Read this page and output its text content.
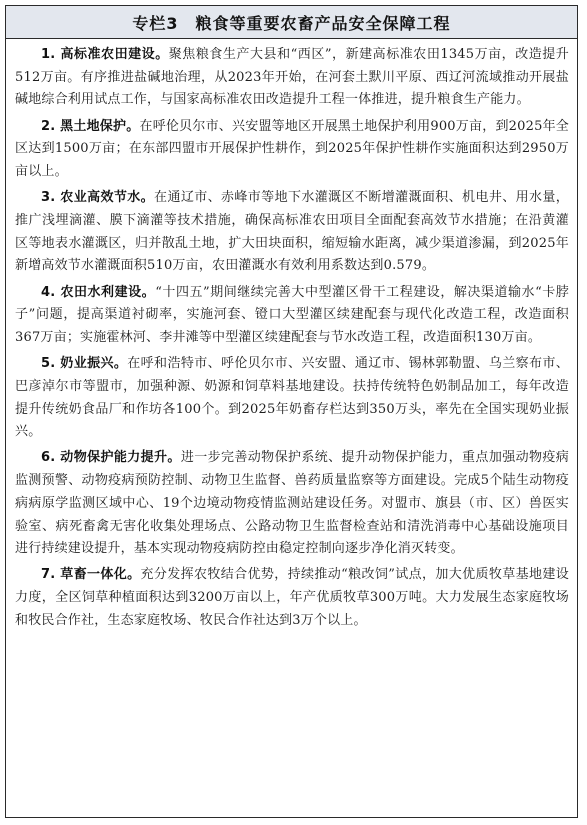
专栏3　粮食等重要农畜产品安全保障工程

1. 高标准农田建设。聚焦粮食生产大县和“西区”，新建高标准农田1345万亩，改造提升512万亩。有序推进盐碱地治理，从2023年开始，在河套土默川平原、西辽河流域推动开展盐碱地综合利用试点工作，与国家高标准农田改造提升工程一体推进，提升粮食生产能力。

2. 黑土地保护。在呼伦贝尔市、兴安盟等地区开展黑土地保护利用900万亩，到2025年全区达到1500万亩；在东部四盟市开展保护性耕作，到2025年保护性耕作实施面积达到2950万亩以上。

3. 农业高效节水。在通辽市、赤峰市等地下水灌溉区不断增灌溉面积、机电井、用水量，推广浅埋滴灌、膜下滴灌等技术措施，确保高标准农田项目全面配套高效节水措施；在沿黄灌区等地表水灌溉区，归并散乱土地，扩大田块面积，缩短输水距离，减少渠道渗漏，到2025年新增高效节水灌溉面积510万亩，农田灌溉水有效利用系数达到0.579。

4. 农田水利建设。“十四五”期间继续完善大中型灌区骨干工程建设，解决渠道输水“卡脖子”问题，提高渠道衬砌率，实施河套、镫口大型灌区续建配套与现代化改造工程，改造面积367万亩；实施霍林河、李井滩等中型灌区续建配套与节水改造工程，改造面积130万亩。

5. 奶业振兴。在呼和浩特市、呼伦贝尔市、兴安盟、通辽市、锡林郭勒盟、乌兰察布市、巴彦淖尔市等盟市，加强种源、奶源和饲草料基地建设。扶持传统特色奶制品加工，每年改造提升传统奶食品厂和作坊各100个。到2025年奶畜存栏达到350万头，率先在全国实现奶业振兴。

6. 动物保护能力提升。进一步完善动物保护系统、提升动物保护能力，重点加强动物疫病监测预警、动物疫病预防控制、动物卫生监督、兽药质量监察等方面建设。完成5个陆生动物疫病病原学监测区域中心、19个边境动物疫情监测站建设任务。对盟市、旗县（市、区）兽医实验室、病死畜禽无害化收集处理场点、公路动物卫生监督检查站和清洗消毒中心基础设施项目进行持续建设提升，基本实现动物疫病防控由稳定控制向逐步净化消灭转变。

7. 草畜一体化。充分发挥农牧结合优势，持续推动“粮改饲”试点，加大优质牧草基地建设力度，全区饲草种植面积达到3200万亩以上，年产优质牧草300万吨。大力发展生态家庭牧场和牧民合作社，生态家庭牧场、牧民合作社达到3万个以上。
